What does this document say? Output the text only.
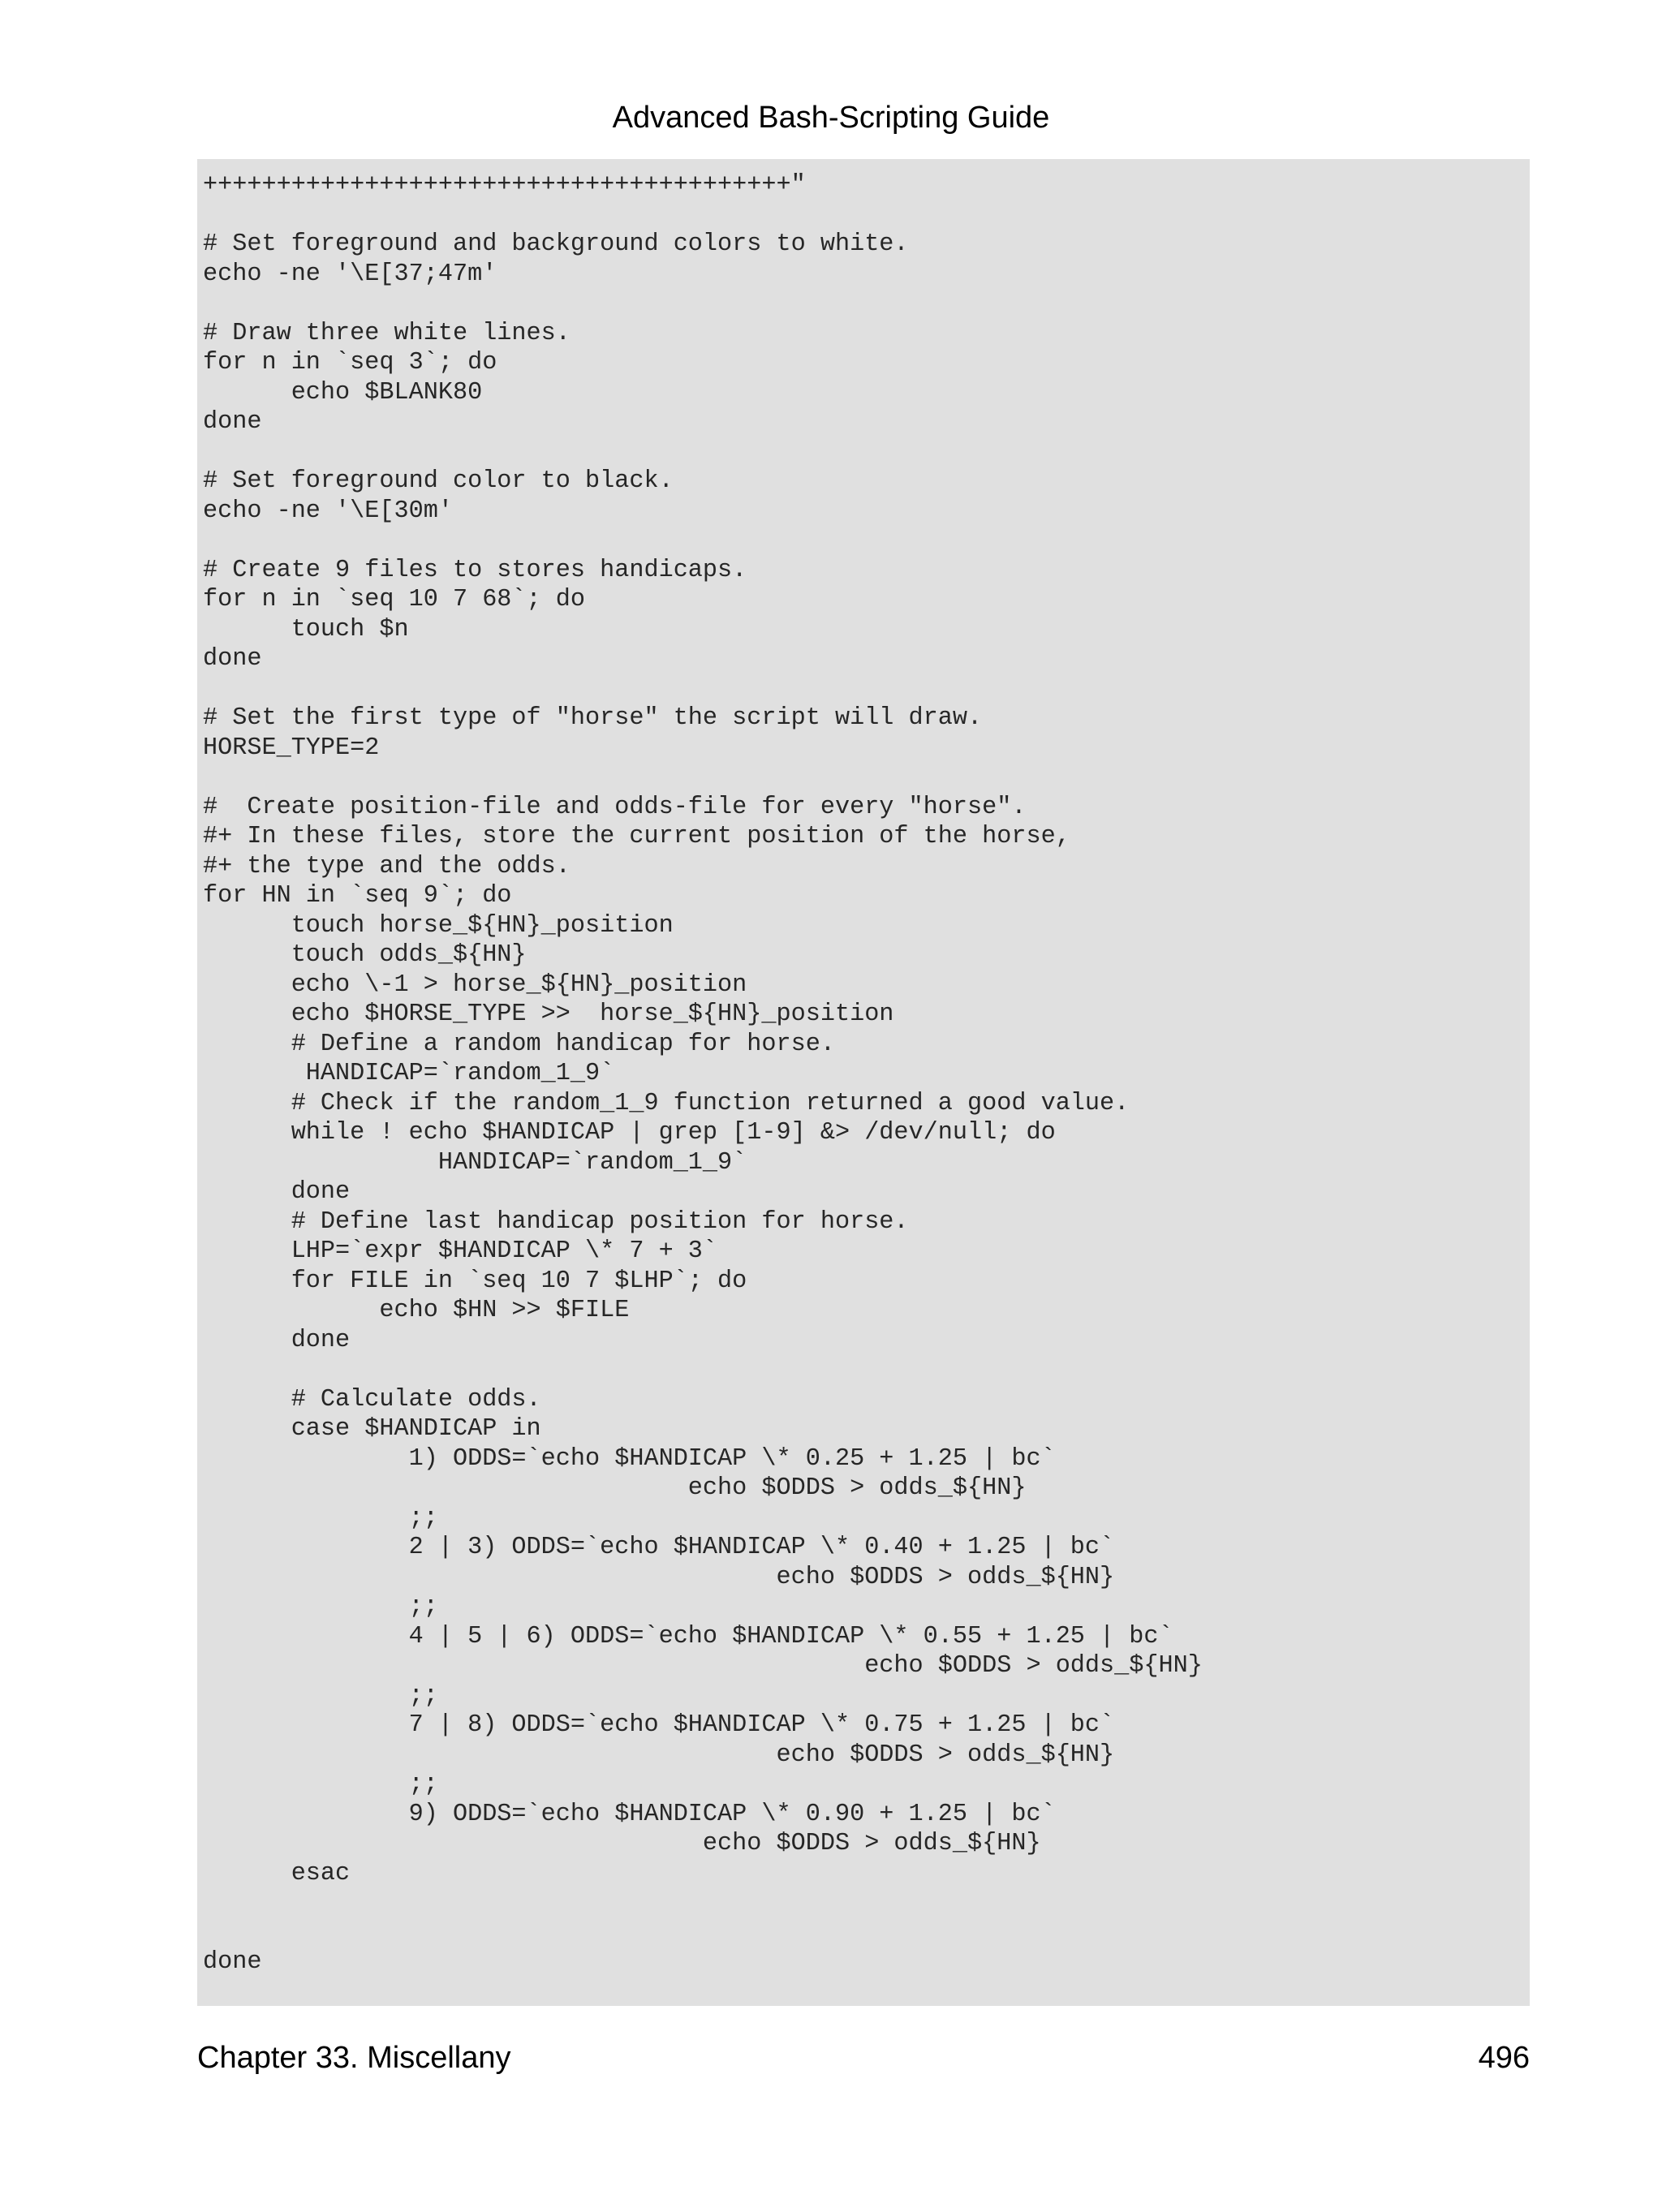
Advanced Bash-Scripting Guide
++++++++++++++++++++++++++++++++++++++++"
# Set foreground and background colors to white.
echo -ne '\E[37;47m'
# Draw three white lines.
for n in `seq 3`; do
echo $BLANK80
done
# Set foreground color to black.
echo -ne '\E[30m'
# Create 9 files to stores handicaps.
for n in `seq 10 7 68`; do
touch $n
done
# Set the first type of "horse" the script will draw.
HORSE_TYPE=2
#  Create position-file and odds-file for every "horse".
#+ In these files, store the current position of the horse,
#+ the type and the odds.
for HN in `seq 9`; do
touch horse_${HN}_position
touch odds_${HN}
echo \-1 > horse_${HN}_position
echo $HORSE_TYPE >>  horse_${HN}_position
# Define a random handicap for horse.
HANDICAP=`random_1_9`
# Check if the random_1_9 function returned a good value.
while ! echo $HANDICAP | grep [1-9] &> /dev/null; do
HANDICAP=`random_1_9`
done
# Define last handicap position for horse.
LHP=`expr $HANDICAP \* 7 + 3`
for FILE in `seq 10 7 $LHP`; do
echo $HN >> $FILE
done
# Calculate odds.
case $HANDICAP in
1) ODDS=`echo $HANDICAP \* 0.25 + 1.25 | bc`
echo $ODDS > odds_${HN}
;;
2 | 3) ODDS=`echo $HANDICAP \* 0.40 + 1.25 | bc`
echo $ODDS > odds_${HN}
;;
4 | 5 | 6) ODDS=`echo $HANDICAP \* 0.55 + 1.25 | bc`
echo $ODDS > odds_${HN}
;;
7 | 8) ODDS=`echo $HANDICAP \* 0.75 + 1.25 | bc`
echo $ODDS > odds_${HN}
;;
9) ODDS=`echo $HANDICAP \* 0.90 + 1.25 | bc`
echo $ODDS > odds_${HN}
esac
done
Chapter 33. Miscellany	496
